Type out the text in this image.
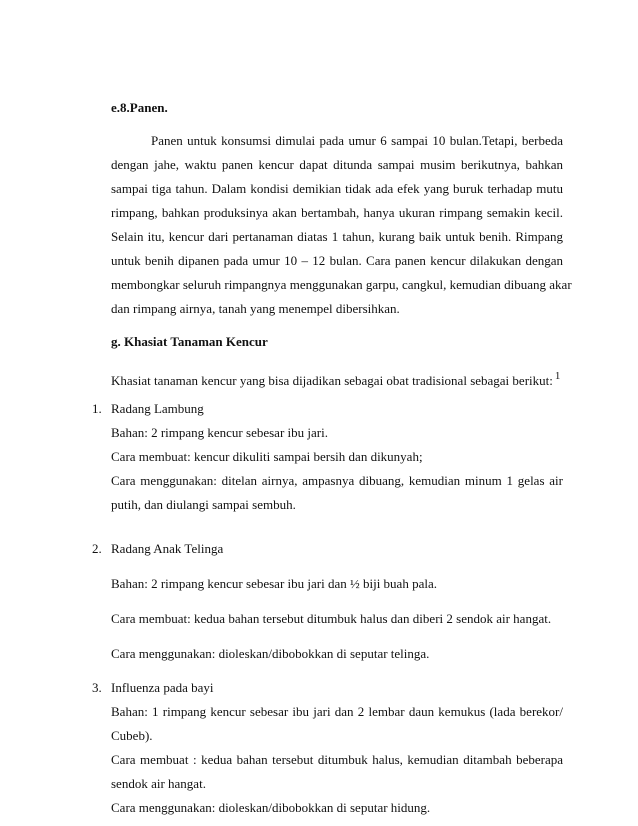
e.8.Panen.
Panen untuk konsumsi dimulai pada umur 6 sampai 10 bulan.Tetapi, berbeda
dengan jahe, waktu panen kencur dapat ditunda sampai musim berikutnya, bahkan
sampai tiga tahun. Dalam kondisi demikian tidak ada efek yang buruk terhadap mutu
rimpang, bahkan produksinya akan bertambah, hanya ukuran rimpang semakin kecil.
Selain itu, kencur dari pertanaman diatas 1 tahun, kurang baik untuk benih. Rimpang
untuk benih dipanen pada umur 10 – 12 bulan. Cara panen kencur dilakukan dengan
membongkar seluruh rimpangnya menggunakan garpu, cangkul, kemudian dibuang akar
dan rimpang airnya, tanah yang menempel dibersihkan.
g. Khasiat Tanaman Kencur
Khasiat tanaman kencur yang bisa dijadikan sebagai obat tradisional sebagai berikut: $^1$
1. Radang Lambung
Bahan: 2 rimpang kencur sebesar ibu jari.
Cara membuat: kencur dikuliti sampai bersih dan dikunyah;
Cara menggunakan: ditelan airnya, ampasnya dibuang, kemudian minum 1 gelas air
putih, dan diulangi sampai sembuh.
2. Radang Anak Telinga
Bahan: 2 rimpang kencur sebesar ibu jari dan ½ biji buah pala.
Cara membuat: kedua bahan tersebut ditumbuk halus dan diberi 2 sendok air hangat.
Cara menggunakan: dioleskan/dibobokkan di seputar telinga.
3. Influenza pada bayi
Bahan: 1 rimpang kencur sebesar ibu jari dan 2 lembar daun kemukus (lada berekor/
Cubeb).
Cara membuat : kedua bahan tersebut ditumbuk halus, kemudian ditambah beberapa
sendok air hangat.
Cara menggunakan: dioleskan/dibobokkan di seputar hidung.
